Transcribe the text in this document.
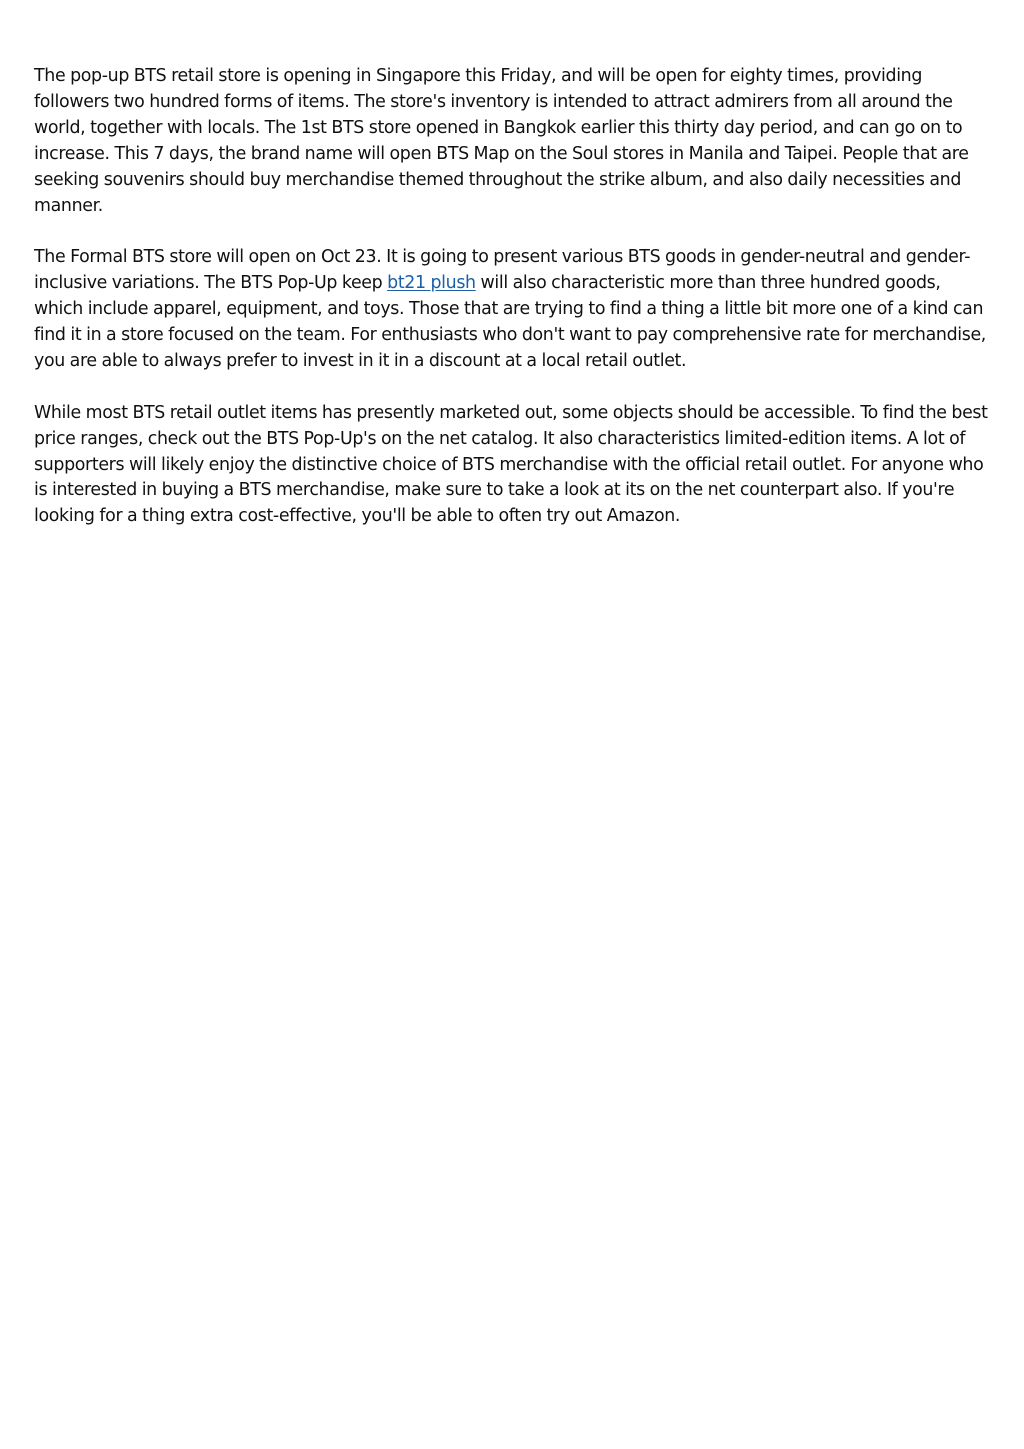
The pop-up BTS retail store is opening in Singapore this Friday, and will be open for eighty times, providing followers two hundred forms of items. The store's inventory is intended to attract admirers from all around the world, together with locals. The 1st BTS store opened in Bangkok earlier this thirty day period, and can go on to increase. This 7 days, the brand name will open BTS Map on the Soul stores in Manila and Taipei. People that are seeking souvenirs should buy merchandise themed throughout the strike album, and also daily necessities and manner.

The Formal BTS store will open on Oct 23. It is going to present various BTS goods in gender-neutral and gender-inclusive variations. The BTS Pop-Up keep bt21 plush will also characteristic more than three hundred goods, which include apparel, equipment, and toys. Those that are trying to find a thing a little bit more one of a kind can find it in a store focused on the team. For enthusiasts who don't want to pay comprehensive rate for merchandise, you are able to always prefer to invest in it in a discount at a local retail outlet.

While most BTS retail outlet items has presently marketed out, some objects should be accessible. To find the best price ranges, check out the BTS Pop-Up's on the net catalog. It also characteristics limited-edition items. A lot of supporters will likely enjoy the distinctive choice of BTS merchandise with the official retail outlet. For anyone who is interested in buying a BTS merchandise, make sure to take a look at its on the net counterpart also. If you're looking for a thing extra cost-effective, you'll be able to often try out Amazon.
